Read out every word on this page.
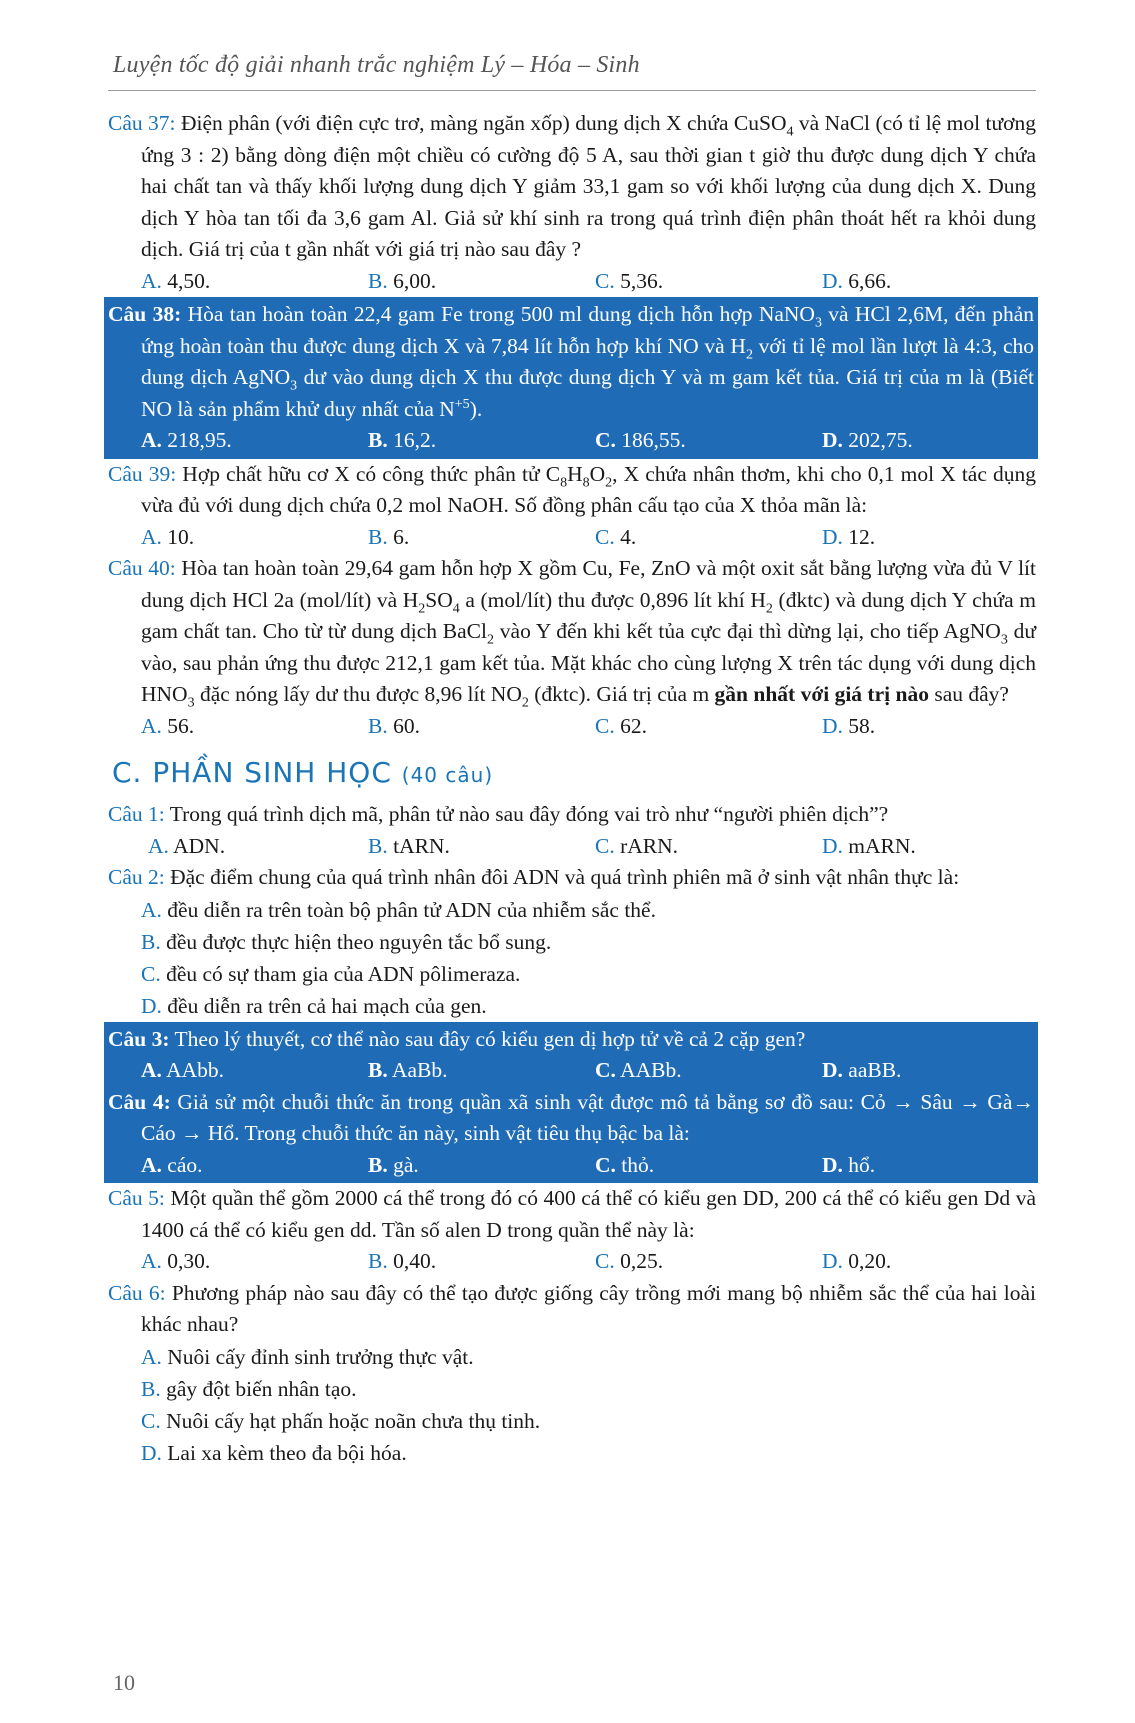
Luyện tốc độ giải nhanh trắc nghiệm Lý – Hóa – Sinh
Câu 37: Điện phân (với điện cực trơ, màng ngăn xốp) dung dịch X chứa CuSO$_4$ và NaCl (có tỉ lệ mol tương ứng 3 : 2) bằng dòng điện một chiều có cường độ 5 A, sau thời gian t giờ thu được dung dịch Y chứa hai chất tan và thấy khối lượng dung dịch Y giảm 33,1 gam so với khối lượng của dung dịch X. Dung dịch Y hòa tan tối đa 3,6 gam Al. Giả sử khí sinh ra trong quá trình điện phân thoát hết ra khỏi dung dịch. Giá trị của t gần nhất với giá trị nào sau đây ?
A. 4,50.	B. 6,00.	C. 5,36.	D. 6,66.
Câu 38: Hòa tan hoàn toàn 22,4 gam Fe trong 500 ml dung dịch hỗn hợp NaNO$_3$ và HCl 2,6M, đến phản ứng hoàn toàn thu được dung dịch X và 7,84 lít hỗn hợp khí NO và $H_2$ với tỉ lệ mol lần lượt là 4:3, cho dung dịch AgNO$_3$ dư vào dung dịch X thu được dung dịch Y và m gam kết tủa. Giá trị của m là (Biết NO là sản phẩm khử duy nhất của $N^{+5}$).
A. 218,95.	B. 16,2.	C. 186,55.	D. 202,75.
Câu 39: Hợp chất hữu cơ X có công thức phân tử $C_8H_8O_2$, X chứa nhân thơm, khi cho 0,1 mol X tác dụng vừa đủ với dung dịch chứa 0,2 mol NaOH. Số đồng phân cấu tạo của X thỏa mãn là:
A. 10.	B. 6.	C. 4.	D. 12.
Câu 40: Hòa tan hoàn toàn 29,64 gam hỗn hợp X gồm Cu, Fe, ZnO và một oxit sắt bằng lượng vừa đủ V lít dung dịch HCl 2a (mol/lít) và $H_2SO_4$ a (mol/lít) thu được 0,896 lít khí $H_2$ (đktc) và dung dịch Y chứa m gam chất tan. Cho từ từ dung dịch BaCl$_2$ vào Y đến khi kết tủa cực đại thì dừng lại, cho tiếp AgNO$_3$ dư vào, sau phản ứng thu được 212,1 gam kết tủa. Mặt khác cho cùng lượng X trên tác dụng với dung dịch $HNO_3$ đặc nóng lấy dư thu được 8,96 lít $NO_2$ (đktc). Giá trị của m gần nhất với giá trị nào sau đây?
A. 56.	B. 60.	C. 62.	D. 58.
C. PHẦN SINH HỌC (40 câu)
Câu 1: Trong quá trình dịch mã, phân tử nào sau đây đóng vai trò như “người phiên dịch”?
A. ADN.	B. tARN.	C. rARN.	D. mARN.
Câu 2: Đặc điểm chung của quá trình nhân đôi ADN và quá trình phiên mã ở sinh vật nhân thực là:
A. đều diễn ra trên toàn bộ phân tử ADN của nhiễm sắc thể.
B. đều được thực hiện theo nguyên tắc bổ sung.
C. đều có sự tham gia của ADN pôlimeraza.
D. đều diễn ra trên cả hai mạch của gen.
Câu 3: Theo lý thuyết, cơ thể nào sau đây có kiểu gen dị hợp tử về cả 2 cặp gen?
A. AAbb.	B. AaBb.	C. AABb.	D. aaBB.
Câu 4: Giả sử một chuỗi thức ăn trong quần xã sinh vật được mô tả bằng sơ đồ sau: Cỏ → Sâu → Gà→ Cáo → Hổ. Trong chuỗi thức ăn này, sinh vật tiêu thụ bậc ba là:
A. cáo.	B. gà.	C. thỏ.	D. hổ.
Câu 5: Một quần thể gồm 2000 cá thể trong đó có 400 cá thể có kiểu gen DD, 200 cá thể có kiểu gen Dd và 1400 cá thể có kiểu gen dd. Tần số alen D trong quần thể này là:
A. 0,30.	B. 0,40.	C. 0,25.	D. 0,20.
Câu 6: Phương pháp nào sau đây có thể tạo được giống cây trồng mới mang bộ nhiễm sắc thể của hai loài khác nhau?
A. Nuôi cấy đỉnh sinh trưởng thực vật.
B. gây đột biến nhân tạo.
C. Nuôi cấy hạt phấn hoặc noãn chưa thụ tinh.
D. Lai xa kèm theo đa bội hóa.
10
